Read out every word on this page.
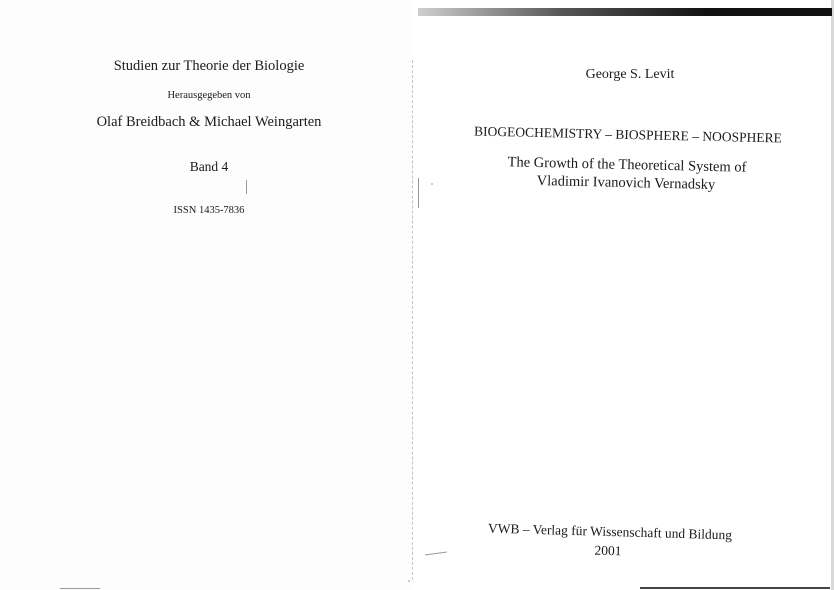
Studien zur Theorie der Biologie
Herausgegeben von
Olaf Breidbach & Michael Weingarten
Band 4
ISSN 1435-7836
George S. Levit
BIOGEOCHEMISTRY – BIOSPHERE – NOOSPHERE
The Growth of the Theoretical System of
Vladimir Ivanovich Vernadsky
VWB – Verlag für Wissenschaft und Bildung
2001
